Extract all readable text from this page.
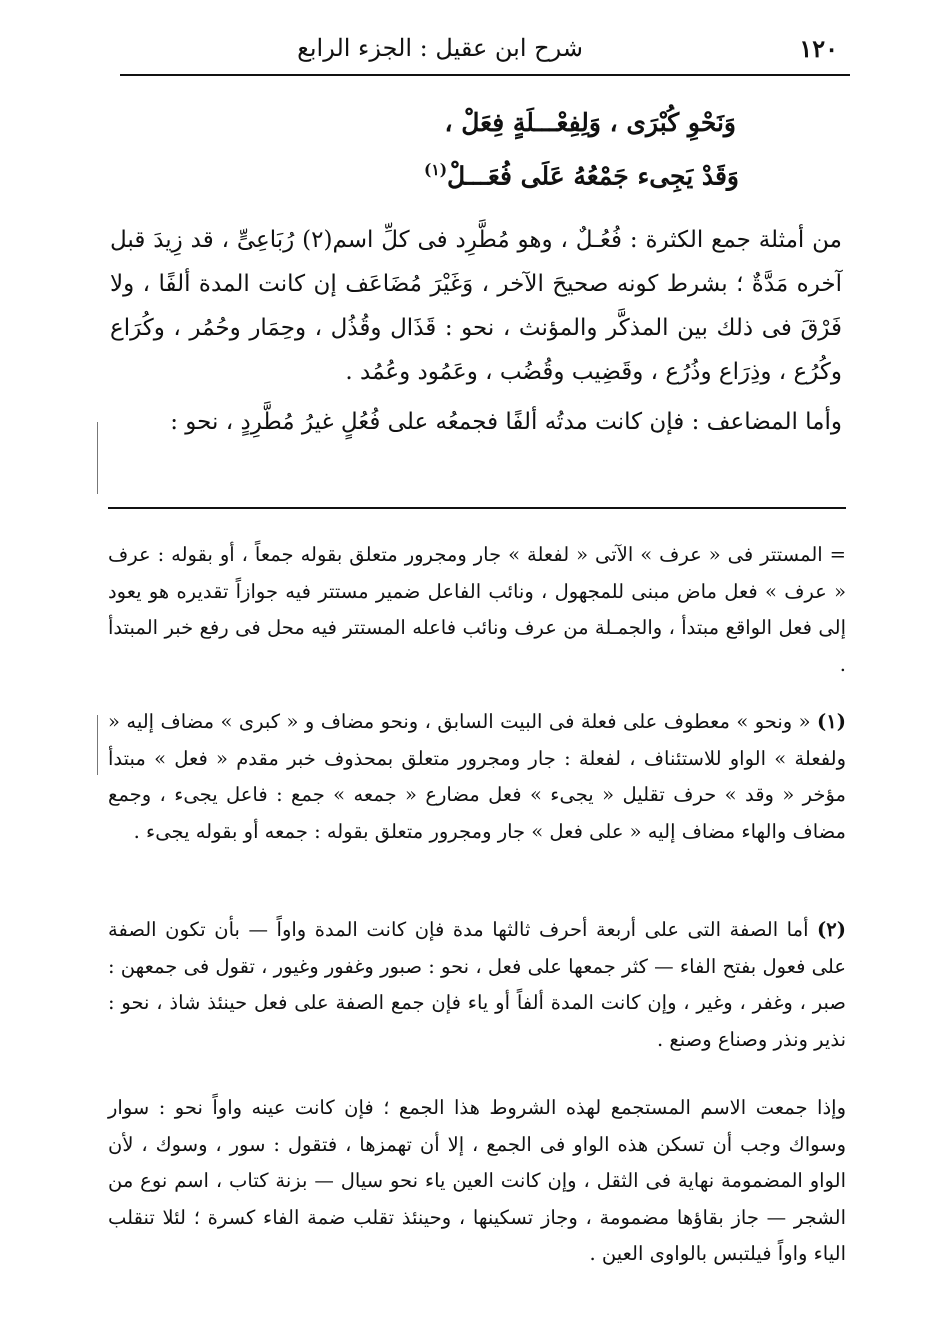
١٢٠
شرح ابن عقيل : الجزء الرابع
وَنَحْوِ كُبْرَى ، وَلِفِعْـــلَةٍ فِعَلْ ،
وَقَدْ يَجِىء جَمْعُهُ عَلَى فُعَـــلْ$^{(١)}$

من أمثلة جمع الكثرة : فُعُـلٌ ، وهو مُطَّرِد فى كلِّ اسم(٢) رُبَاعِىٍّ ، قد زِيدَ قبل آخره مَدَّةٌ ؛ بشرط كونه صحيحَ الآخر ، وَغَيْرَ مُضَاعَف إن كانت المدة ألفًا ، ولا فَرْقَ فى ذلك بين المذكَّر والمؤنث ، نحو : قَذَال وقُذُل ، وحِمَار وحُمُر ، وكُرَاع وكُرُع ، وذِرَاع وذُرُع ، وقَضِيب وقُضُب ، وعَمُود وعُمُد .

وأما المضاعف : فإن كانت مدتُه ألفًا فجمعُه على فُعُلٍ غيرُ مُطَّرِدٍ ، نحو :

= المستتر فى « عرف » الآتى « لفعلة » جار ومجرور متعلق بقوله جمعاً ، أو بقوله : عرف « عرف » فعل ماض مبنى للمجهول ، ونائب الفاعل ضمير مستتر فيه جوازاً تقديره هو يعود إلى فعل الواقع مبتدأ ، والجمـلة من عرف ونائب فاعله المستتر فيه محل فى رفع خبر المبتدأ .

(١) « ونحو » معطوف على فعلة فى البيت السابق ، ونحو مضاف و « كبرى » مضاف إليه « ولفعلة » الواو للاستئناف ، لفعلة : جار ومجرور متعلق بمحذوف خبر مقدم « فعل » مبتدأ مؤخر « وقد » حرف تقليل « يجىء » فعل مضارع « جمعه » جمع : فاعل يجىء ، وجمع مضاف والهاء مضاف إليه « على فعل » جار ومجرور متعلق بقوله : جمعه أو بقوله يجىء .

(٢) أما الصفة التى على أربعة أحرف ثالثها مدة فإن كانت المدة واواً — بأن تكون الصفة على فعول بفتح الفاء — كثر جمعها على فعل ، نحو : صبور وغفور وغيور ، تقول فى جمعهن : صبر ، وغفر ، وغير ، وإن كانت المدة ألفاً أو ياء فإن جمع الصفة على فعل حينئذ شاذ ، نحو : نذير ونذر وصناع وصنع .

وإذا جمعت الاسم المستجمع لهذه الشروط هذا الجمع ؛ فإن كانت عينه واواً نحو : سوار وسواك وجب أن تسكن هذه الواو فى الجمع ، إلا أن تهمزها ، فتقول : سور ، وسوك ، لأن الواو المضمومة نهاية فى الثقل ، وإن كانت العين ياء نحو سيال — بزنة كتاب ، اسم نوع من الشجر — جاز بقاؤها مضمومة ، وجاز تسكينها ، وحينئذ تقلب ضمة الفاء كسرة ؛ لئلا تنقلب الياء واواً فيلتبس بالواوى العين .
